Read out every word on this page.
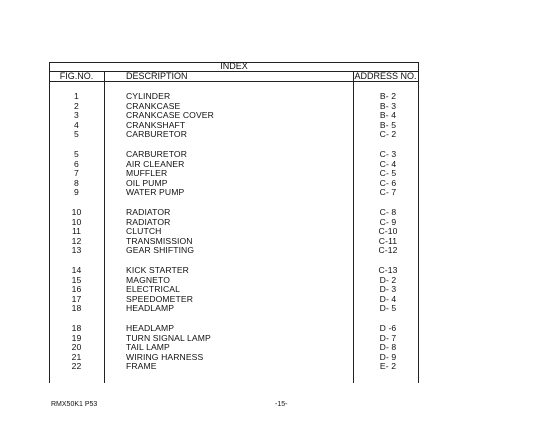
INDEX
FIG.NO.	DESCRIPTION	ADDRESS NO.
1	CYLINDER	B- 2
2	CRANKCASE	B- 3
3	CRANKCASE COVER	B- 4
4	CRANKSHAFT	B- 5
5	CARBURETOR	C- 2
5	CARBURETOR	C- 3
6	AIR CLEANER	C- 4
7	MUFFLER	C- 5
8	OIL PUMP	C- 6
9	WATER PUMP	C- 7
10	RADIATOR	C- 8
10	RADIATOR	C- 9
11	CLUTCH	C-10
12	TRANSMISSION	C-11
13	GEAR SHIFTING	C-12
14	KICK STARTER	C-13
15	MAGNETO	D- 2
16	ELECTRICAL	D- 3
17	SPEEDOMETER	D- 4
18	HEADLAMP	D- 5
18	HEADLAMP	D -6
19	TURN SIGNAL LAMP	D- 7
20	TAIL LAMP	D- 8
21	WIRING HARNESS	D- 9
22	FRAME	E- 2
RMX50K1 P53	-15-
